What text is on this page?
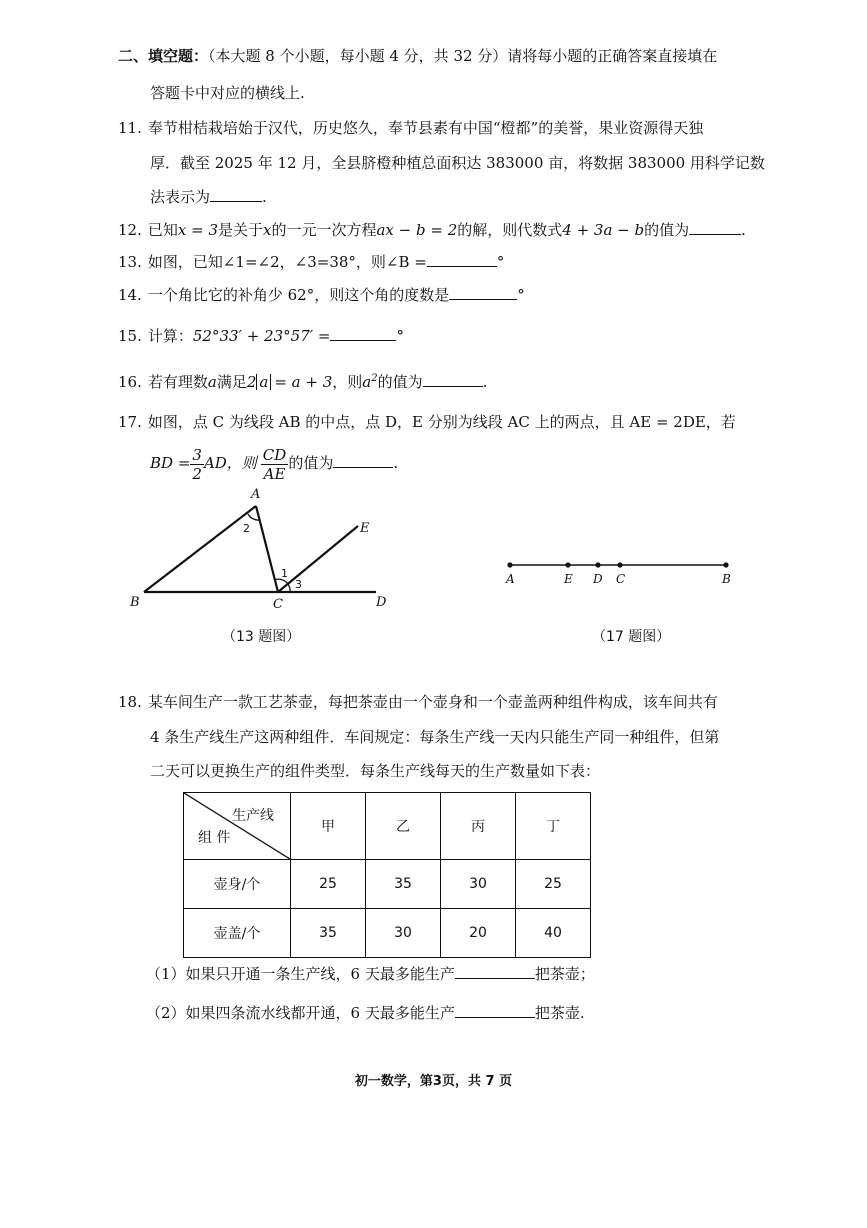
二、填空题：（本大题 8 个小题，每小题 4 分，共 32 分）请将每小题的正确答案直接填在
答题卡中对应的横线上.
11. 奉节柑桔栽培始于汉代，历史悠久，奉节县素有中国“橙都”的美誉，果业资源得天独
厚．截至 2025 年 12 月，全县脐橙种植总面积达 383000 亩，将数据 383000 用科学记数
法表示为	.
12. 已知x = 3是关于x的一元一次方程ax − b = 2的解，则代数式4 + 3a − b的值为	.
13. 如图，已知∠1=∠2，∠3=38°，则∠B =	°
14. 一个角比它的补角少 62°，则这个角的度数是	°
15. 计算：52°33′ + 23°57′ =	°
16. 若有理数a满足2 a = a + 3，则$a^2$的值为	.
17. 如图，点 C 为线段 AB 的中点，点 D，E 分别为线段 AC 上的两点，且 AE = 2DE，若
BD = $\frac{3}{2}$ AD，则 $\frac{CD}{AE}$ 的值为	.
A
B	C	D
E
2
1
3
（13 题图）
A	E D C	B
（17 题图）
18. 某车间生产一款工艺茶壶，每把茶壶由一个壶身和一个壶盖两种组件构成，该车间共有
4 条生产线生产这两种组件．车间规定：每条生产线一天内只能生产同一种组件，但第
二天可以更换生产的组件类型．每条生产线每天的生产数量如下表：
生产线
组 件	甲	乙	丙	丁
壶身/个	25	35	30	25
壶盖/个	35	30	20	40
（1）如果只开通一条生产线，6 天最多能生产	把茶壶；
（2）如果四条流水线都开通，6 天最多能生产	把茶壶.
初一数学，第3页，共 7 页
